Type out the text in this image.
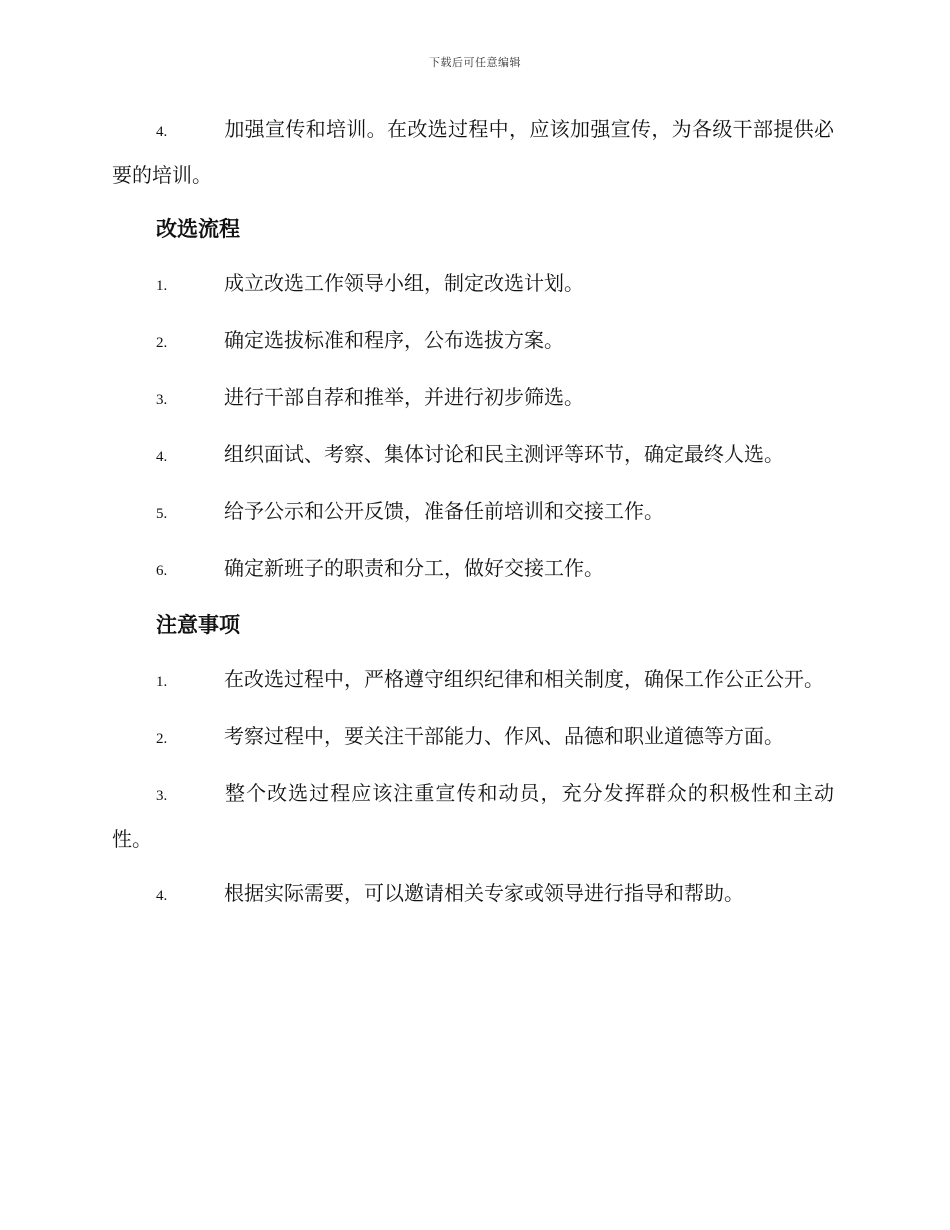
下载后可任意编辑

4.	加强宣传和培训。在改选过程中，应该加强宣传，为各级干部提供必要的培训。

改选流程

1.	成立改选工作领导小组，制定改选计划。

2.	确定选拔标准和程序，公布选拔方案。

3.	进行干部自荐和推举，并进行初步筛选。

4.	组织面试、考察、集体讨论和民主测评等环节，确定最终人选。

5.	给予公示和公开反馈，准备任前培训和交接工作。

6.	确定新班子的职责和分工，做好交接工作。

注意事项

1.	在改选过程中，严格遵守组织纪律和相关制度，确保工作公正公开。

2.	考察过程中，要关注干部能力、作风、品德和职业道德等方面。

3.	整个改选过程应该注重宣传和动员，充分发挥群众的积极性和主动性。

4.	根据实际需要，可以邀请相关专家或领导进行指导和帮助。
